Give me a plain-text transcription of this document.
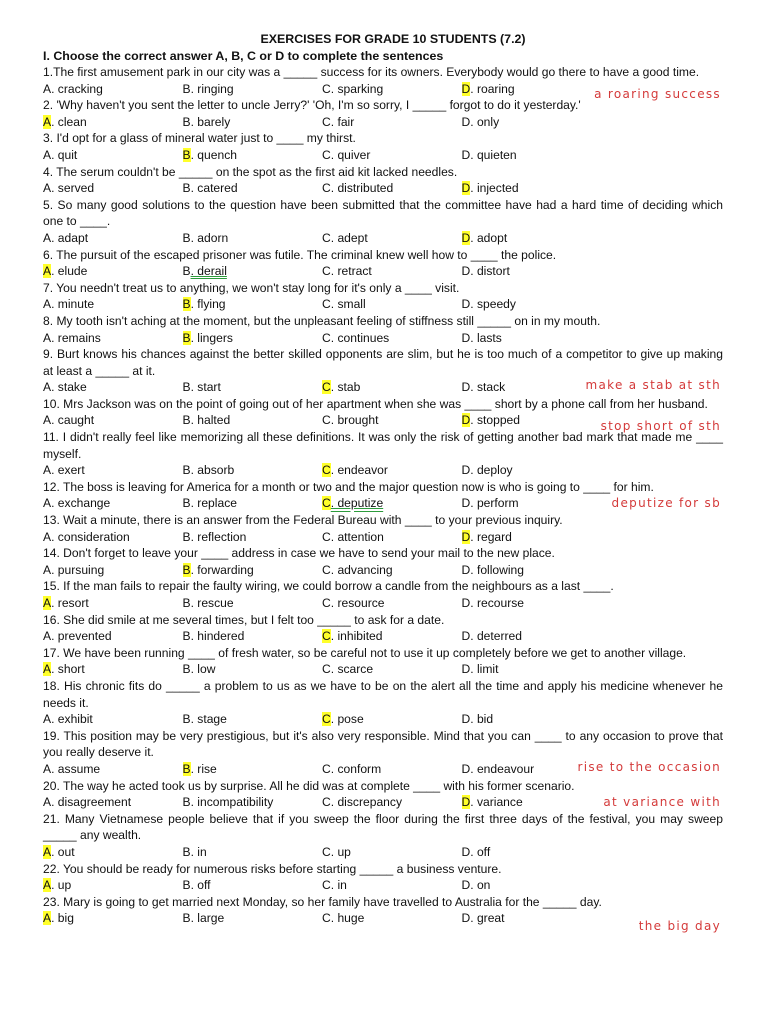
EXERCISES FOR GRADE 10 STUDENTS (7.2)
I. Choose the correct answer A, B, C or D to complete the sentences
1.The first amusement park in our city was a _____ success for its owners. Everybody would go there to have a good time.
A. cracking	B. ringing	C. sparking	D. roaring	a roaring success
2. 'Why haven't you sent the letter to uncle Jerry?' 'Oh, I'm so sorry, I _____ forgot to do it yesterday.'
A. clean	B. barely	C. fair	D. only
3. I'd opt for a glass of mineral water just to ____ my thirst.
A. quit	B. quench	C. quiver	D. quieten
4. The serum couldn't be _____ on the spot as the first aid kit lacked needles.
A. served	B. catered	C. distributed	D. injected
5. So many good solutions to the question have been submitted that the committee have had a hard time of deciding which one to ____.
A. adapt	B. adorn	C. adept	D. adopt
6. The pursuit of the escaped prisoner was futile. The criminal knew well how to ____ the police.
A. elude	B. derail	C. retract	D. distort
7. You needn't treat us to anything, we won't stay long for it's only a ____ visit.
A. minute	B. flying	C. small	D. speedy
8. My tooth isn't aching at the moment, but the unpleasant feeling of stiffness still _____ on in my mouth.
A. remains	B. lingers	C. continues	D. lasts
9. Burt knows his chances against the better skilled opponents are slim, but he is too much of a competitor to give up making at least a _____ at it.
A. stake	B. start	C. stab	D. stack	make a stab at sth
10. Mrs Jackson was on the point of going out of her apartment when she was ____ short by a phone call from her husband.
A. caught	B. halted	C. brought	D. stopped	stop short of sth
11. I didn't really feel like memorizing all these definitions. It was only the risk of getting another bad mark that made me ____ myself.
A. exert	B. absorb	C. endeavor	D. deploy
12. The boss is leaving for America for a month or two and the major question now is who is going to ____ for him.
A. exchange	B. replace	C. deputize	D. perform	deputize for sb
13. Wait a minute, there is an answer from the Federal Bureau with ____ to your previous inquiry.
A. consideration	B. reflection	C. attention	D. regard
14. Don't forget to leave your ____ address in case we have to send your mail to the new place.
A. pursuing	B. forwarding	C. advancing	D. following
15. If the man fails to repair the faulty wiring, we could borrow a candle from the neighbours as a last ____.
A. resort	B. rescue	C. resource	D. recourse
16. She did smile at me several times, but I felt too _____ to ask for a date.
A. prevented	B. hindered	C. inhibited	D. deterred
17. We have been running ____ of fresh water, so be careful not to use it up completely before we get to another village.
A. short	B. low	C. scarce	D. limit
18. His chronic fits do _____ a problem to us as we have to be on the alert all the time and apply his medicine whenever he needs it.
A. exhibit	B. stage	C. pose	D. bid
19. This position may be very prestigious, but it's also very responsible. Mind that you can ____ to any occasion to prove that you really deserve it.
A. assume	B. rise	C. conform	D. endeavour	rise to the occasion
20. The way he acted took us by surprise. All he did was at complete ____ with his former scenario.
A. disagreement	B. incompatibility	C. discrepancy	D. variance	at variance with
21. Many Vietnamese people believe that if you sweep the floor during the first three days of the festival, you may sweep _____ any wealth.
A. out	B. in	C. up	D. off
22. You should be ready for numerous risks before starting _____ a business venture.
A. up	B. off	C. in	D. on
23. Mary is going to get married next Monday, so her family have travelled to Australia for the _____ day.
A. big	B. large	C. huge	D. great
the big day
